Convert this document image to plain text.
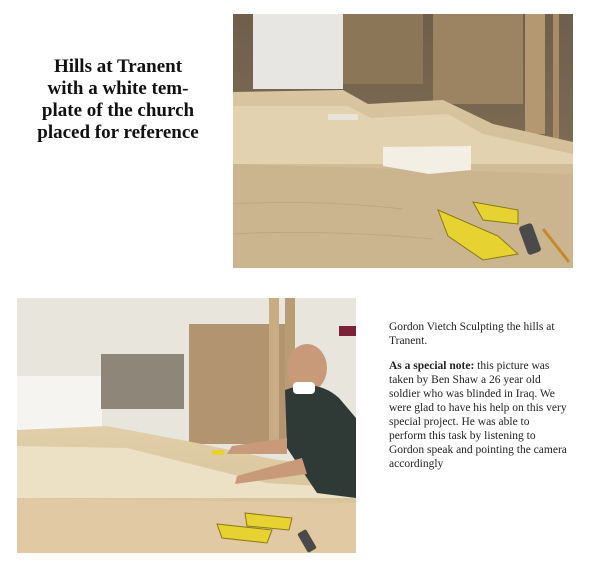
Hills at Tranent
with a white tem-
plate of the church
placed for reference

Gordon Vietch Sculpting the hills at Tranent.

As a special note: this picture was taken by Ben Shaw a 26 year old soldier who was blinded in Iraq. We were glad to have his help on this very special project. He was able to perform this task by listening to Gordon speak and pointing the camera accordingly
